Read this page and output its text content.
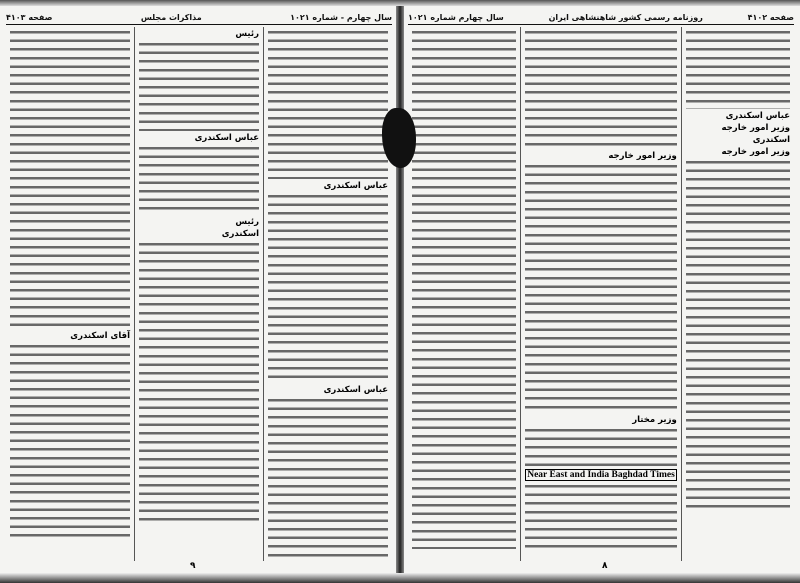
سال چهارم - شماره ۱۰۲۱
مذاکرات مجلس
صفحه ۴۱۰۳
عباس اسکندری
عباس اسکندری
رئیس
عباس اسکندری
رئیس
اسکندری
آقای اسکندری
۹
صفحه ۴۱۰۲
روزنامه رسمی کشور شاهنشاهی ایران
سال چهارم شماره ۱۰۲۱
عباس اسکندری
وزیر امور خارجه
اسکندری
وزیر امور خارجه
وزیر امور خارجه
وزیر مختار
Near East and India Baghdad Times
۸
